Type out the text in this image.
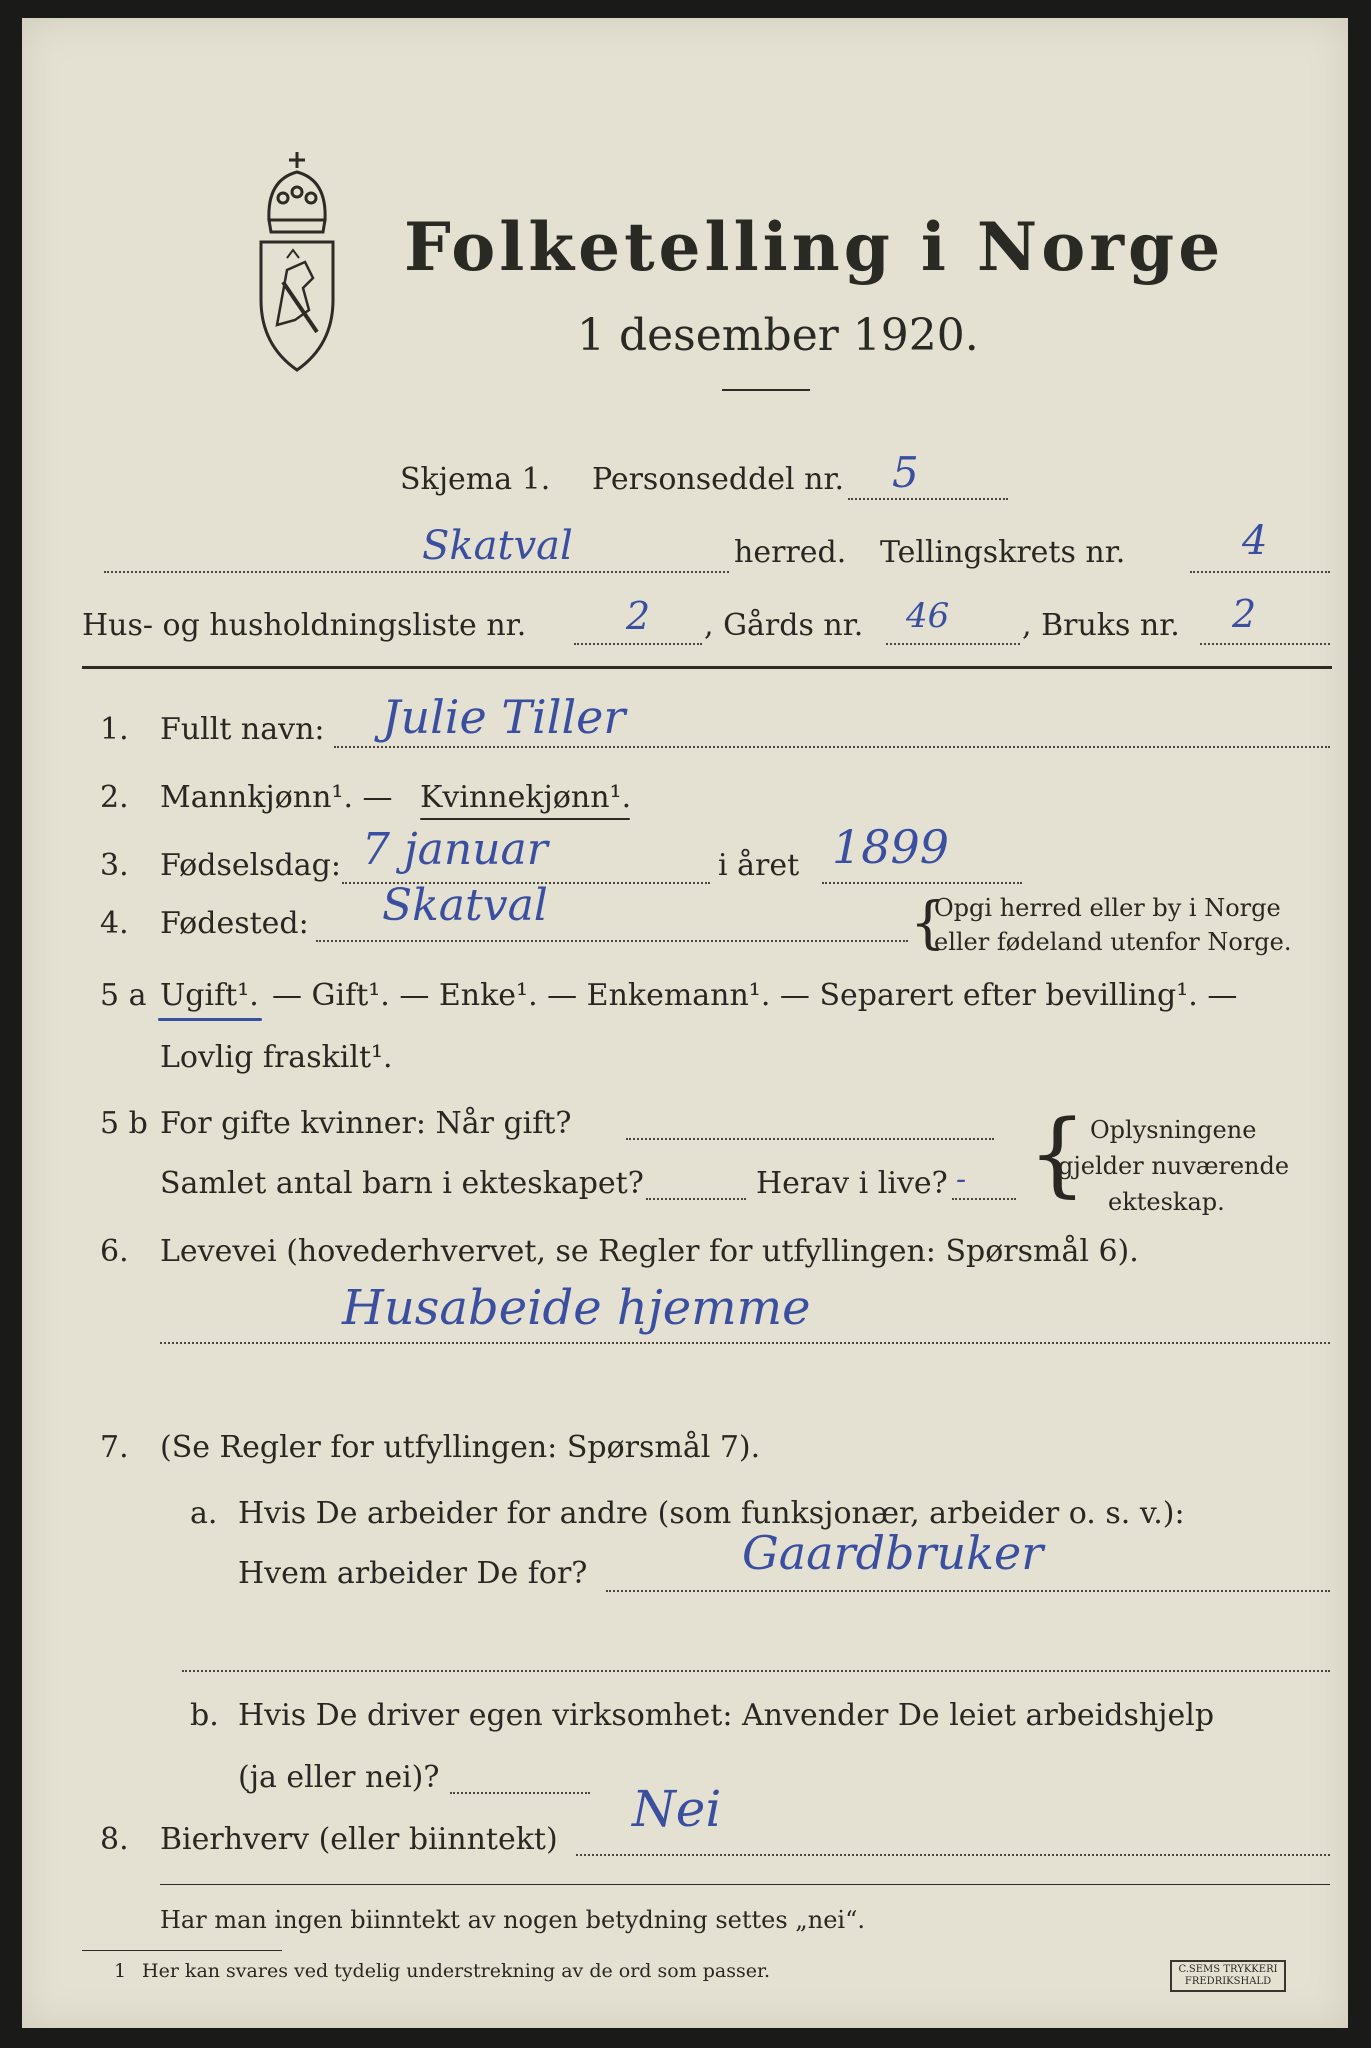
Folketelling i Norge
1 desember 1920.
Skjema 1. Personseddel nr. 5
Skatval	herred. Tellingskrets nr.	4
Hus- og husholdningsliste nr.	2 , Gårds nr. 46 , Bruks nr. 2
1. Fullt navn: Julie Tiller
2. Mannkjønn¹. — Kvinnekjønn¹.
3. Fødselsdag: 7 januar	i året 1899
4. Fødested: Skatval	{
Opgi herred eller by i Norge
eller fødeland utenfor Norge.
5 a Ugift¹. — Gift¹. — Enke¹. — Enkemann¹. — Separert efter bevilling¹. —
Lovlig fraskilt¹.
5 b For gifte kvinner: Når gift?
Samlet antal barn i ekteskapet?	Herav i live? - { Oplysningene
gjelder nuværende
ekteskap.
6. Levevei (hovederhvervet, se Regler for utfyllingen: Spørsmål 6).
Husabeide hjemme
7. (Se Regler for utfyllingen: Spørsmål 7).
a. Hvis De arbeider for andre (som funksjonær, arbeider o. s. v.):
Hvem arbeider De for?	Gaardbruker
b. Hvis De driver egen virksomhet: Anvender De leiet arbeidshjelp
(ja eller nei)?
8. Bierhverv (eller biinntekt)
Nei
Har man ingen biinntekt av nogen betydning settes „nei“.
1 Her kan svares ved tydelig understrekning av de ord som passer.	C.SEMS TRYKKERI
FREDRIKSHALD
